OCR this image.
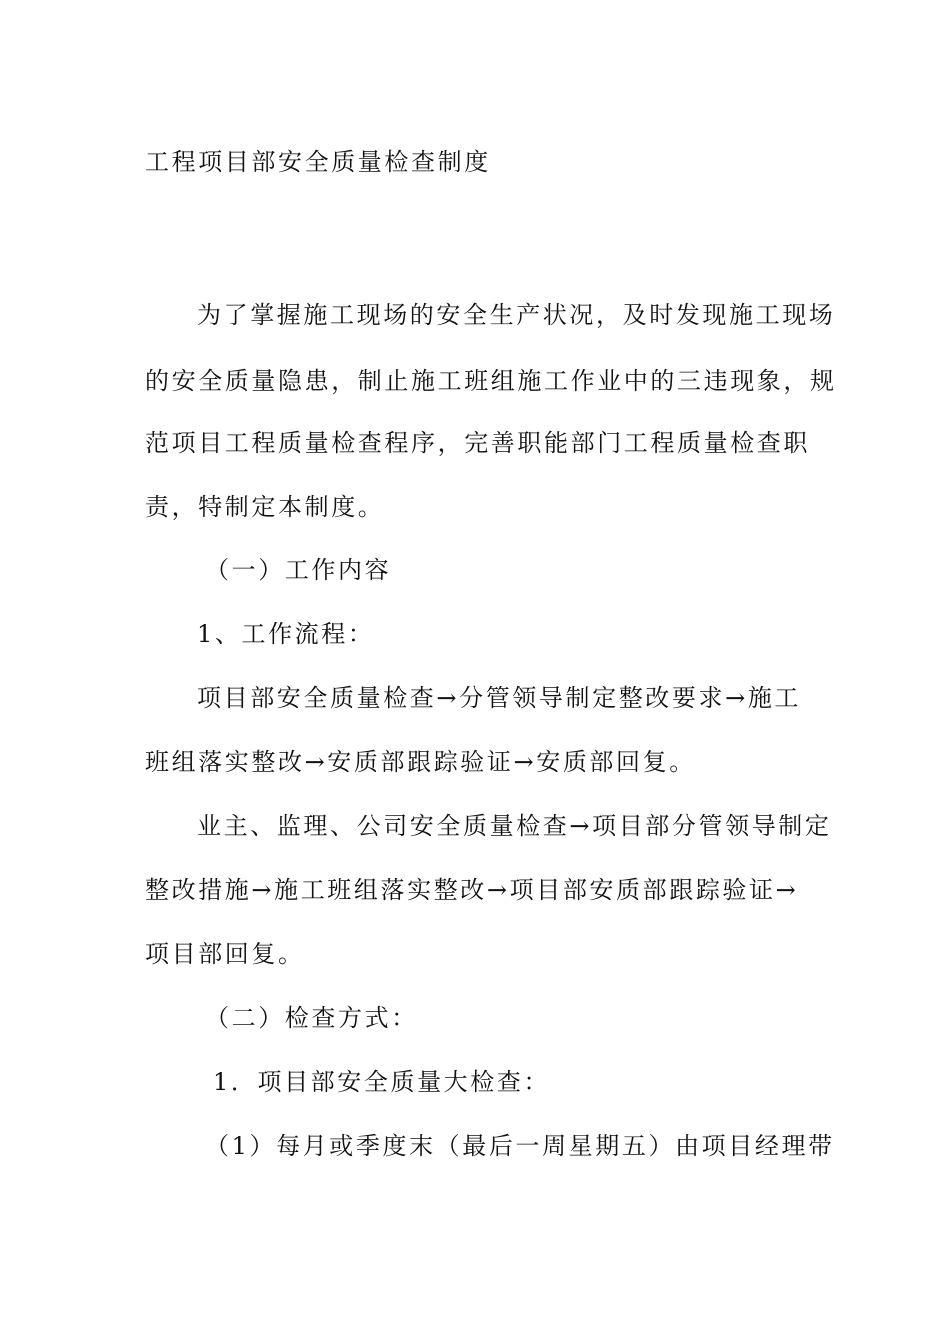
工程项目部安全质量检查制度

为了掌握施工现场的安全生产状况，及时发现施工现场

的安全质量隐患，制止施工班组施工作业中的三违现象，规

范项目工程质量检查程序，完善职能部门工程质量检查职

责，特制定本制度。

（一）工作内容

1、工作流程：

项目部安全质量检查→分管领导制定整改要求→施工

班组落实整改→安质部跟踪验证→安质部回复。

业主、监理、公司安全质量检查→项目部分管领导制定

整改措施→施工班组落实整改→项目部安质部跟踪验证→

项目部回复。

（二）检查方式：

1．项目部安全质量大检查：

（1）每月或季度末（最后一周星期五）由项目经理带
